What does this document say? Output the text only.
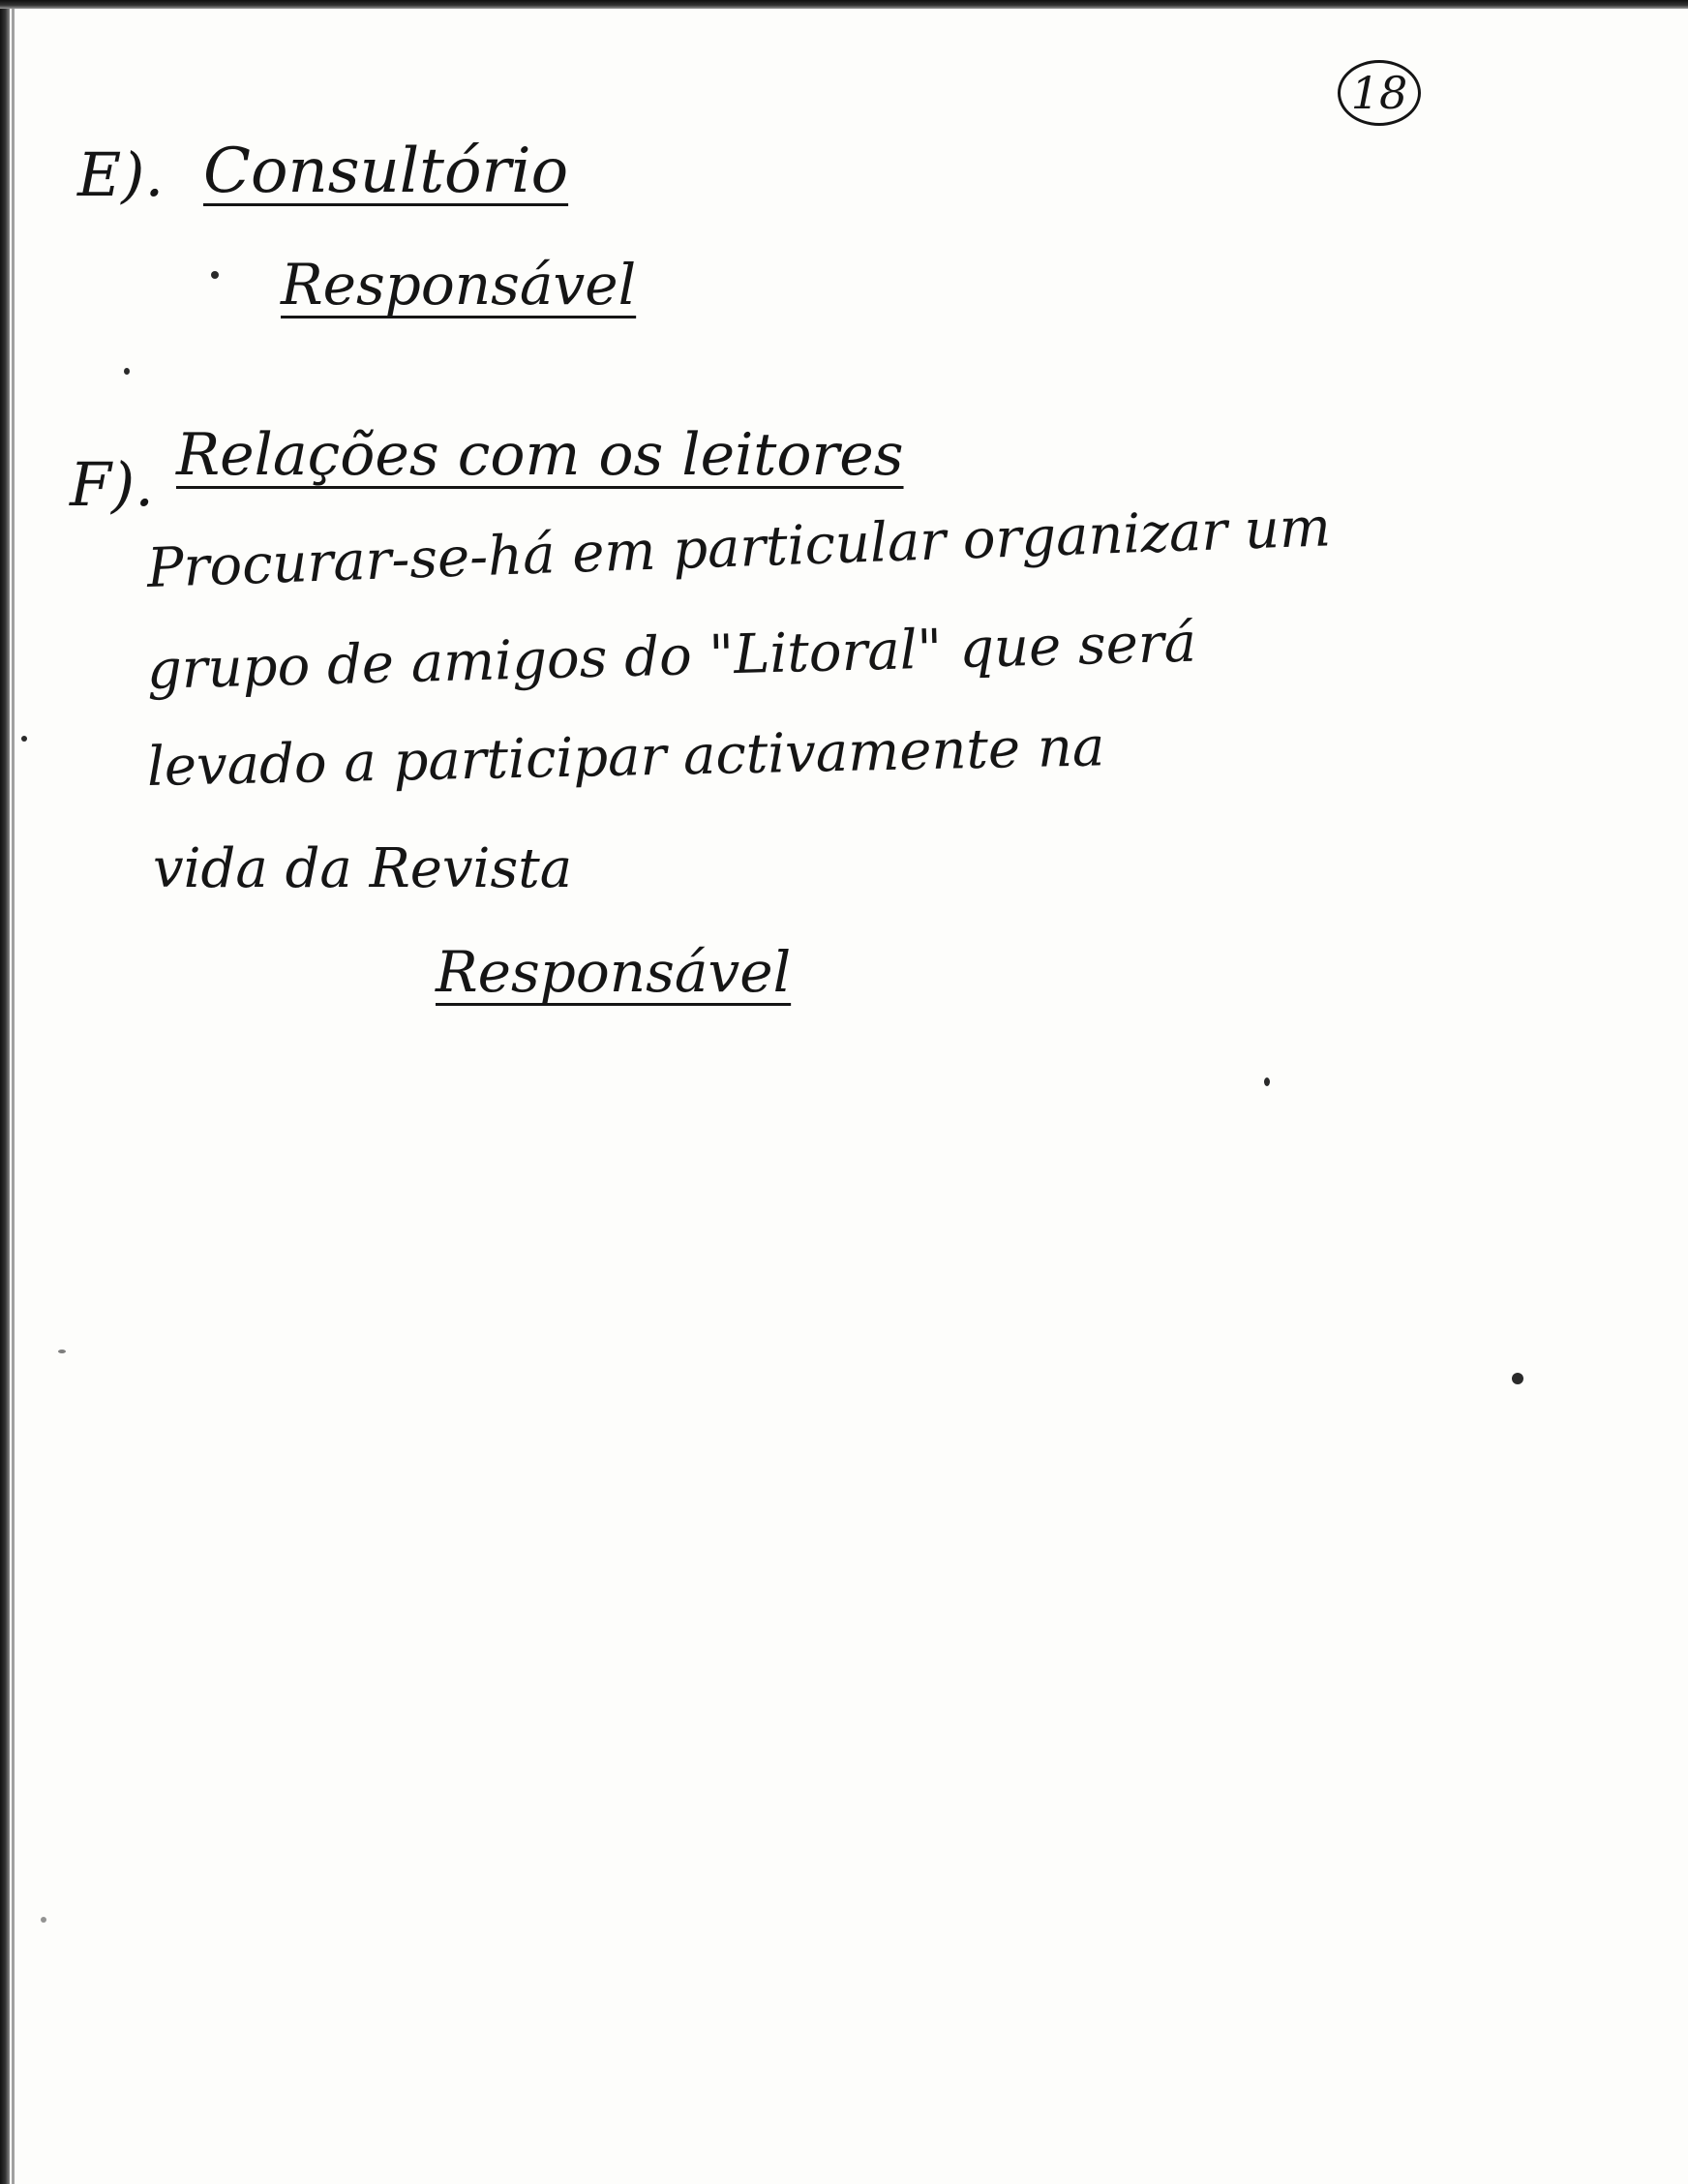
18
E). Consultório
Responsável
F). Relações com os leitores
Procurar-se-há em particular organizar um
grupo de amigos do "Litoral" que será
levado a participar activamente na
vida da Revista
Responsável
